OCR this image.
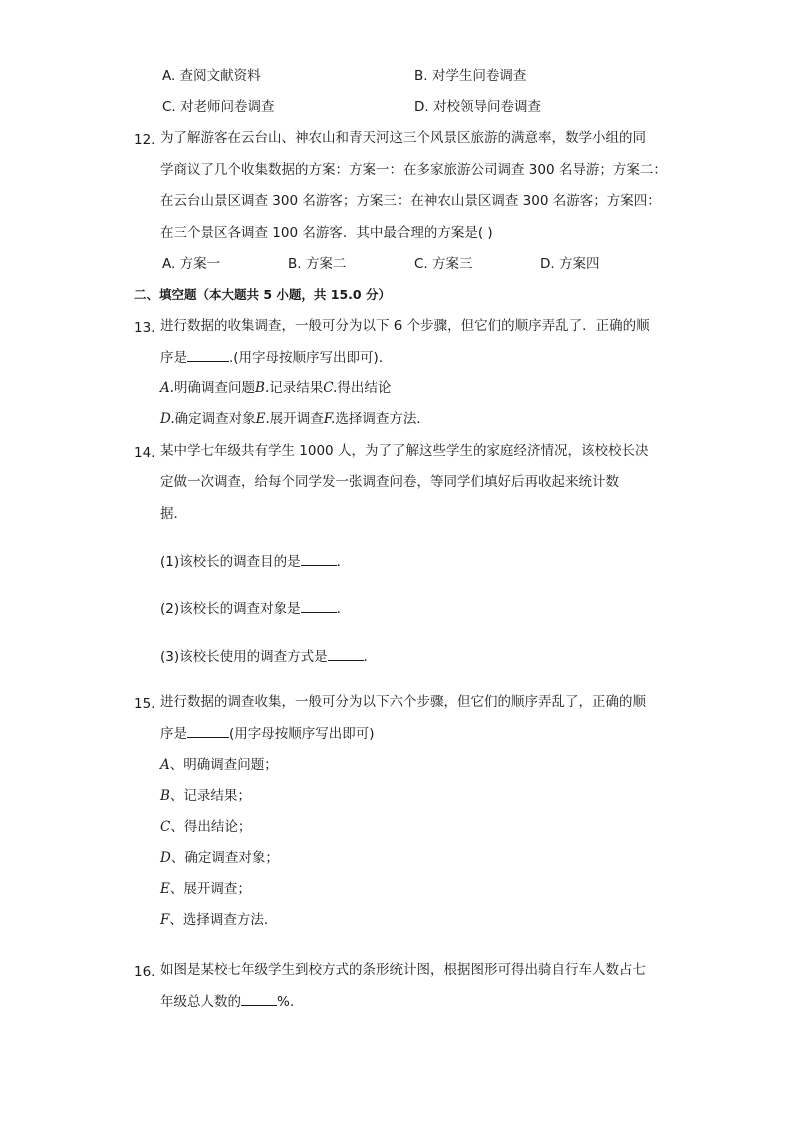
A. 查阅文献资料	B. 对学生问卷调查
C. 对老师问卷调查	D. 对校领导问卷调查
12. 为了解游客在云台山、神农山和青天河这三个风景区旅游的满意率，数学小组的同
学商议了几个收集数据的方案：方案一：在多家旅游公司调查 300 名导游；方案二：
在云台山景区调查 300 名游客；方案三：在神农山景区调查 300 名游客；方案四：
在三个景区各调查 100 名游客．其中最合理的方案是( )
A. 方案一	B. 方案二	C. 方案三	D. 方案四
二、填空题（本大题共 5 小题，共 15.0 分）
13. 进行数据的收集调查，一般可分为以下 6 个步骤，但它们的顺序弄乱了．正确的顺
序是	.(用字母按顺序写出即可)．
A.明确调查问题B.记录结果C.得出结论
D.确定调查对象E.展开调查F.选择调查方法．
14. 某中学七年级共有学生 1000 人，为了了解这些学生的家庭经济情况，该校校长决
定做一次调查，给每个同学发一张调查问卷，等同学们填好后再收起来统计数
据．
(1)该校长的调查目的是	．
(2)该校长的调查对象是	．
(3)该校长使用的调查方式是	．
15. 进行数据的调查收集，一般可分为以下六个步骤，但它们的顺序弄乱了，正确的顺
序是	(用字母按顺序写出即可)
A、明确调查问题；
B、记录结果；
C、得出结论；
D、确定调查对象；
E、展开调查；
F、选择调查方法．
16. 如图是某校七年级学生到校方式的条形统计图，根据图形可得出骑自行车人数占七
年级总人数的	%.
